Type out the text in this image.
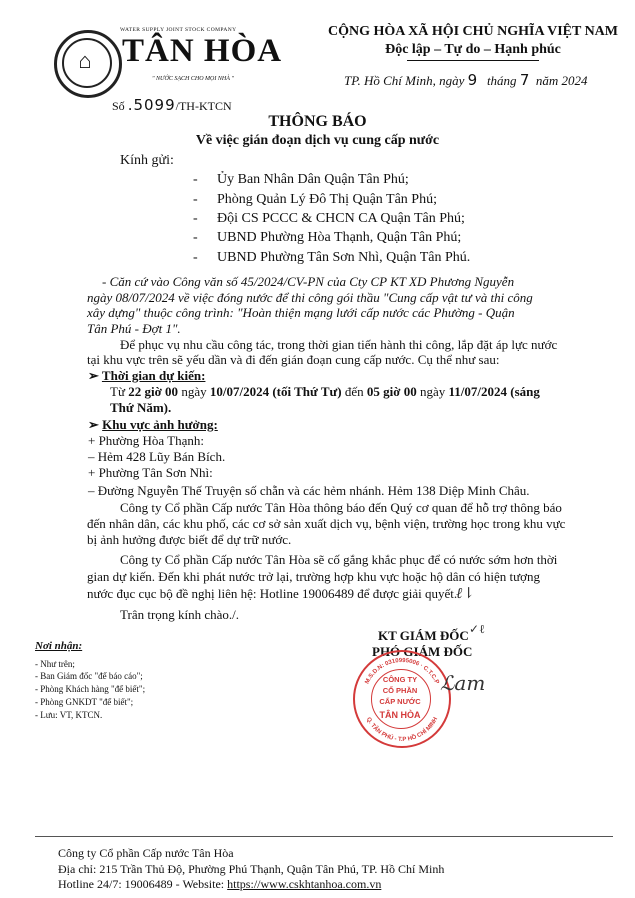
⌂
WATER SUPPLY JOINT STOCK COMPANY
TÂN HÒA
" NƯỚC SẠCH CHO MỌI NHÀ "
CỘNG HÒA XÃ HỘI CHỦ NGHĨA VIỆT NAM
Độc lập – Tự do – Hạnh phúc
TP. Hồ Chí Minh, ngày 9 tháng 7 năm 2024
Số .5099/TH-KTCN
THÔNG BÁO
Về việc gián đoạn dịch vụ cung cấp nước
Kính gửi:
- Ủy Ban Nhân Dân Quận Tân Phú;
- Phòng Quản Lý Đô Thị Quận Tân Phú;
- Đội CS PCCC & CHCN CA Quận Tân Phú;
- UBND Phường Hòa Thạnh, Quận Tân Phú;
- UBND Phường Tân Sơn Nhì, Quận Tân Phú.
- Căn cứ vào Công văn số 45/2024/CV-PN của Cty CP KT XD Phương Nguyễn
ngày 08/07/2024 về việc đóng nước để thi công gói thầu "Cung cấp vật tư và thi công
xây dựng" thuộc công trình: "Hoàn thiện mạng lưới cấp nước các Phường - Quận
Tân Phú - Đợt 1".
Để phục vụ nhu cầu công tác, trong thời gian tiến hành thi công, lắp đặt áp lực nước
tại khu vực trên sẽ yếu dần và đi đến gián đoạn cung cấp nước. Cụ thể như sau:
➢ Thời gian dự kiến:
Từ 22 giờ 00 ngày 10/07/2024 (tối Thứ Tư) đến 05 giờ 00 ngày 11/07/2024 (sáng
Thứ Năm).
➢ Khu vực ảnh hưởng:
+ Phường Hòa Thạnh:
– Hẻm 428 Lũy Bán Bích.
+ Phường Tân Sơn Nhì:
– Đường Nguyễn Thế Truyện số chẵn và các hẻm nhánh. Hẻm 138 Diệp Minh Châu.
Công ty Cổ phần Cấp nước Tân Hòa thông báo đến Quý cơ quan để hỗ trợ thông báo
đến nhân dân, các khu phố, các cơ sở sản xuất dịch vụ, bệnh viện, trường học trong khu vực
bị ảnh hưởng được biết để dự trữ nước.
Công ty Cổ phần Cấp nước Tân Hòa sẽ cố gắng khắc phục để có nước sớm hơn thời
gian dự kiến. Đến khi phát nước trở lại, trường hợp khu vực hoặc hộ dân có hiện tượng
nước đục cục bộ đề nghị liên hệ: Hotline 19006489 để được giải quyết.
ℓ⇂
Trân trọng kính chào./.
KT GIÁM ĐỐC ✓ℓ
PHÓ GIÁM ĐỐC
M.S.D.N: 0310995006 · C.T.C.P
Q. TÂN PHÚ - T.P HỒ CHÍ MINH
CÔNG TY
CỔ PHẦN
CẤP NƯỚC
TÂN HÒA
ℒam
Nơi nhận:
- Như trên;
- Ban Giám đốc "để báo cáo";
- Phòng Khách hàng "để biết";
- Phòng GNKDT "để biết";
- Lưu: VT, KTCN.
Công ty Cổ phần Cấp nước Tân Hòa
Địa chỉ: 215 Trần Thủ Độ, Phường Phú Thạnh, Quận Tân Phú, TP. Hồ Chí Minh
Hotline 24/7: 19006489 - Website: https://www.cskhtanhoa.com.vn
